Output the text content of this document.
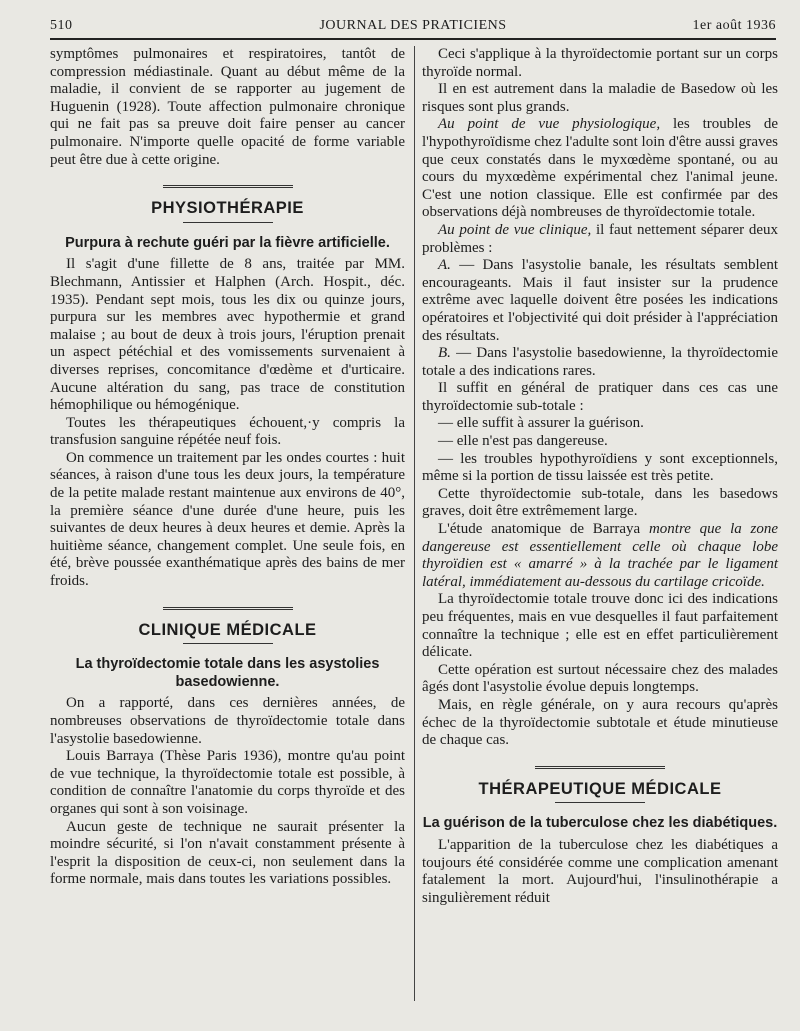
510	JOURNAL DES PRATICIENS	1er août 1936

symptômes pulmonaires et respiratoires, tantôt de compression médiastinale. Quant au début même de la maladie, il convient de se rapporter au jugement de Huguenin (1928). Toute affection pulmonaire chronique qui ne fait pas sa preuve doit faire penser au cancer pulmonaire. N'importe quelle opacité de forme variable peut être due à cette origine.

PHYSIOTHÉRAPIE
Purpura à rechute guéri par la fièvre artificielle.

Il s'agit d'une fillette de 8 ans, traitée par MM. Blechmann, Antissier et Halphen (Arch. Hospit., déc. 1935). Pendant sept mois, tous les dix ou quinze jours, purpura sur les membres avec hypothermie et grand malaise ; au bout de deux à trois jours, l'éruption prenait un aspect pétéchial et des vomissements survenaient à diverses reprises, concomitance d'œdème et d'urticaire. Aucune altération du sang, pas trace de constitution hémophilique ou hémogénique.

Toutes les thérapeutiques échouent,·y compris la transfusion sanguine répétée neuf fois.

On commence un traitement par les ondes courtes : huit séances, à raison d'une tous les deux jours, la température de la petite malade restant maintenue aux environs de 40°, la première séance d'une durée d'une heure, puis les suivantes de deux heures à deux heures et demie. Après la huitième séance, changement complet. Une seule fois, en été, brève poussée exanthématique après des bains de mer froids.

CLINIQUE MÉDICALE
La thyroïdectomie totale dans les asystolies basedowienne.

On a rapporté, dans ces dernières années, de nombreuses observations de thyroïdectomie totale dans l'asystolie basedowienne.

Louis Barraya (Thèse Paris 1936), montre qu'au point de vue technique, la thyroïdectomie totale est possible, à condition de connaître l'anatomie du corps thyroïde et des organes qui sont à son voisinage.

Aucun geste de technique ne saurait présenter la moindre sécurité, si l'on n'avait constamment présente à l'esprit la disposition de ceux-ci, non seulement dans la forme normale, mais dans toutes les variations possibles.

Ceci s'applique à la thyroïdectomie portant sur un corps thyroïde normal.

Il en est autrement dans la maladie de Basedow où les risques sont plus grands.

Au point de vue physiologique, les troubles de l'hypothyroïdisme chez l'adulte sont loin d'être aussi graves que ceux constatés dans le myxœdème spontané, ou au cours du myxœdème expérimental chez l'animal jeune. C'est une notion classique. Elle est confirmée par des observations déjà nombreuses de thyroïdectomie totale.

Au point de vue clinique, il faut nettement séparer deux problèmes :

A. — Dans l'asystolie banale, les résultats semblent encourageants. Mais il faut insister sur la prudence extrême avec laquelle doivent être posées les indications opératoires et l'objectivité qui doit présider à l'appréciation des résultats.

B. — Dans l'asystolie basedowienne, la thyroïdectomie totale a des indications rares.

Il suffit en général de pratiquer dans ces cas une thyroïdectomie sub-totale :

— elle suffit à assurer la guérison.

— elle n'est pas dangereuse.

— les troubles hypothyroïdiens y sont exceptionnels, même si la portion de tissu laissée est très petite.

Cette thyroïdectomie sub-totale, dans les basedows graves, doit être extrêmement large.

L'étude anatomique de Barraya montre que la zone dangereuse est essentiellement celle où chaque lobe thyroïdien est « amarré » à la trachée par le ligament latéral, immédiatement au-dessous du cartilage cricoïde.

La thyroïdectomie totale trouve donc ici des indications peu fréquentes, mais en vue desquelles il faut parfaitement connaître la technique ; elle est en effet particulièrement délicate.

Cette opération est surtout nécessaire chez des malades âgés dont l'asystolie évolue depuis longtemps.

Mais, en règle générale, on y aura recours qu'après échec de la thyroïdectomie subtotale et étude minutieuse de chaque cas.

THÉRAPEUTIQUE MÉDICALE
La guérison de la tuberculose chez les diabétiques.

L'apparition de la tuberculose chez les diabétiques a toujours été considérée comme une complication amenant fatalement la mort. Aujourd'hui, l'insulinothérapie a singulièrement réduit
